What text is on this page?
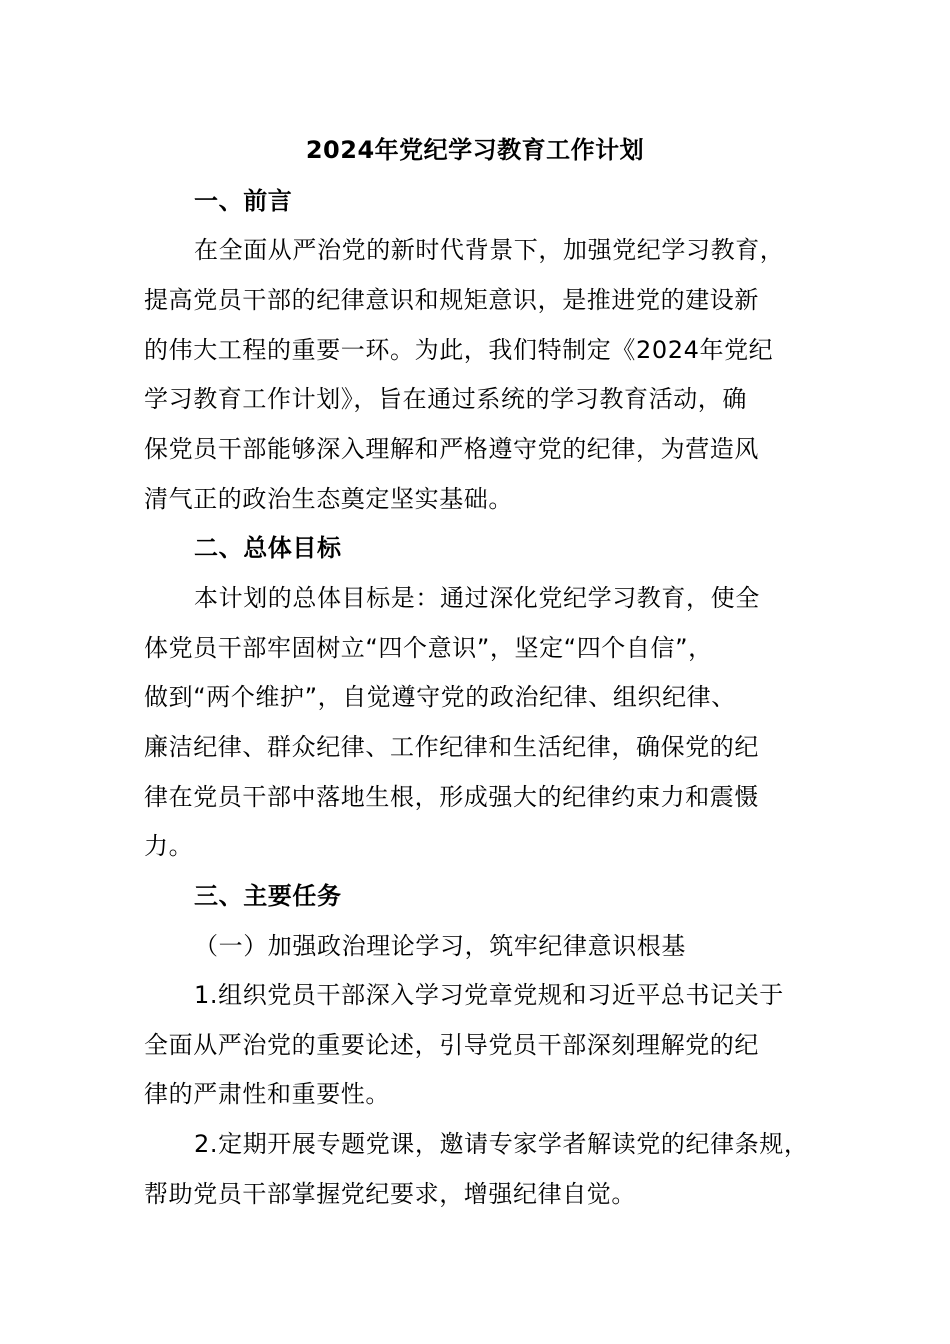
2024年党纪学习教育工作计划
一、前言
在全面从严治党的新时代背景下，加强党纪学习教育，
提高党员干部的纪律意识和规矩意识，是推进党的建设新
的伟大工程的重要一环。为此，我们特制定《2024年党纪
学习教育工作计划》，旨在通过系统的学习教育活动，确
保党员干部能够深入理解和严格遵守党的纪律，为营造风
清气正的政治生态奠定坚实基础。
二、总体目标
本计划的总体目标是：通过深化党纪学习教育，使全
体党员干部牢固树立“四个意识”，坚定“四个自信”，
做到“两个维护”，自觉遵守党的政治纪律、组织纪律、
廉洁纪律、群众纪律、工作纪律和生活纪律，确保党的纪
律在党员干部中落地生根，形成强大的纪律约束力和震慑
力。
三、主要任务
（一）加强政治理论学习，筑牢纪律意识根基
1.组织党员干部深入学习党章党规和习近平总书记关于
全面从严治党的重要论述，引导党员干部深刻理解党的纪
律的严肃性和重要性。
2.定期开展专题党课，邀请专家学者解读党的纪律条规，
帮助党员干部掌握党纪要求，增强纪律自觉。
